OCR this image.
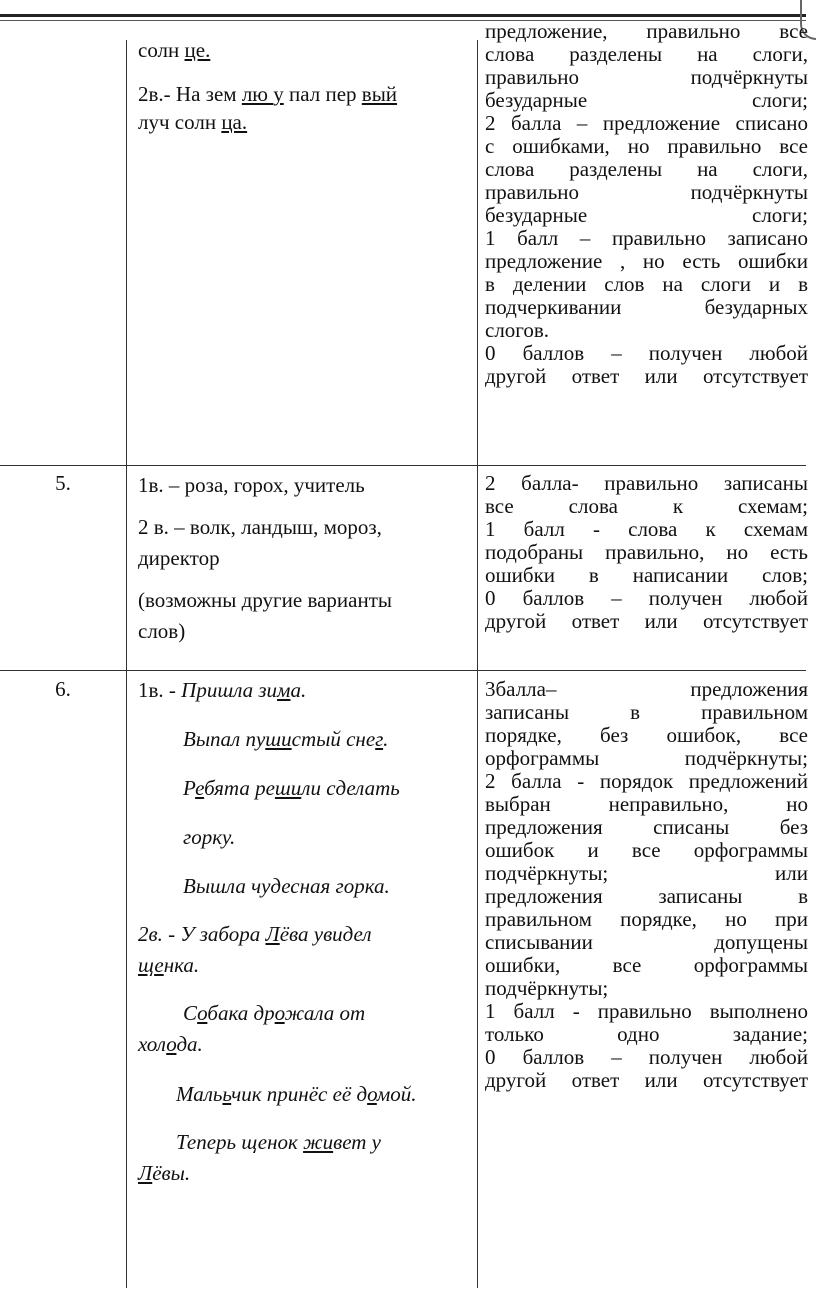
солн це.
2в.- На зем лю у пал пер вый
луч солн ца.
предложение, правильно все
слова разделены на слоги,
правильно подчёркнуты
безударные слоги;
2 балла – предложение списано
с ошибками, но правильно все
слова разделены на слоги,
правильно подчёркнуты
безударные слоги;
1 балл – правильно записано
предложение , но есть ошибки
в делении слов на слоги и в
подчеркивании безударных
слогов.
0 баллов – получен любой
другой ответ или отсутствует
5.	1в. – роза, горох, учитель
2 в. – волк, ландыш, мороз,
директор
(возможны другие варианты
слов)
2 балла- правильно записаны
все слова к схемам;
1 балл - слова к схемам
подобраны правильно, но есть
ошибки в написании слов;
0 баллов – получен любой
другой ответ или отсутствует
6.	1в. - Пришла зима.
Выпал пушистый снег.
Ребята решили сделать
горку.
Вышла чудесная горка.
2в. - У забора Лёва увидел
щенка.
Собака дрожала от
холода.
Малььчик принёс её домой.
Теперь щенок живет у
Лёвы.
3балла– предложения
записаны в правильном
порядке, без ошибок, все
орфограммы подчёркнуты;
2 балла - порядок предложений
выбран неправильно, но
предложения списаны без
ошибок и все орфограммы
подчёркнуты; или
предложения записаны в
правильном порядке, но при
списывании допущены
ошибки, все орфограммы
подчёркнуты;
1 балл - правильно выполнено
только одно задание;
0 баллов – получен любой
другой ответ или отсутствует
